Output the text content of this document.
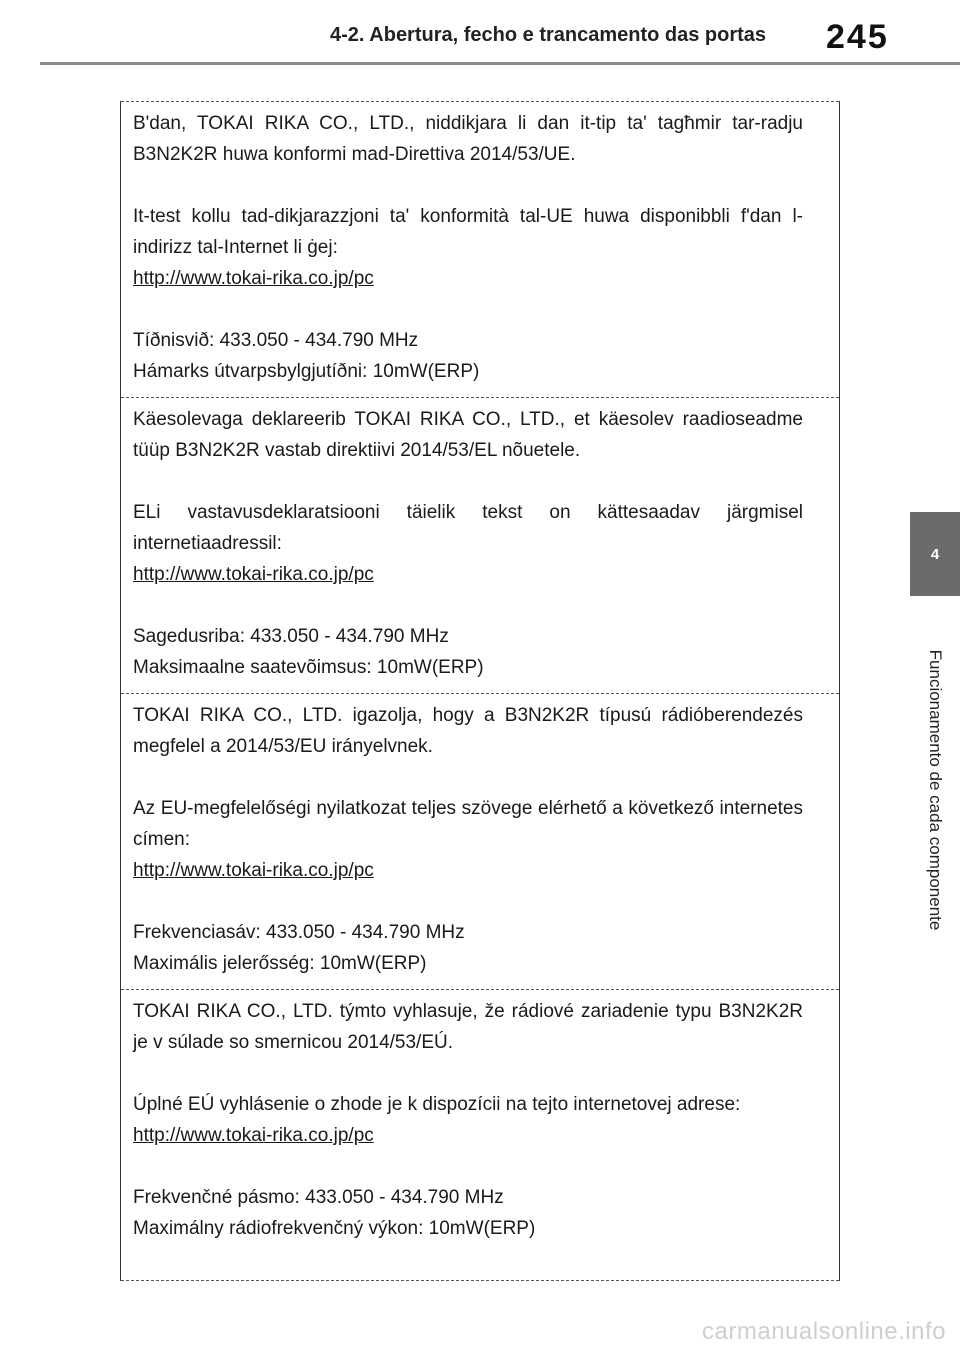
4-2. Abertura, fecho e trancamento das portas	245
4
Funcionamento de cada componente

B'dan, TOKAI RIKA CO., LTD., niddikjara li dan it-tip ta' tagħmir tar-radju B3N2K2R huwa konformi mad-Direttiva 2014/53/UE.

It-test kollu tad-dikjarazzjoni ta' konformità tal-UE huwa disponibbli f'dan l-indirizz tal-Internet li ġej:

http://www.tokai-rika.co.jp/pc

Tíðnisvið: 433.050 - 434.790 MHz

Hámarks útvarpsbylgjutíðni: 10mW(ERP)

Käesolevaga deklareerib TOKAI RIKA CO., LTD., et käesolev raadioseadme tüüp B3N2K2R vastab direktiivi 2014/53/EL nõuetele.

ELi vastavusdeklaratsiooni täielik tekst on kättesaadav järgmisel internetiaadressil:

http://www.tokai-rika.co.jp/pc

Sagedusriba: 433.050 - 434.790 MHz

Maksimaalne saatevõimsus: 10mW(ERP)

TOKAI RIKA CO., LTD. igazolja, hogy a B3N2K2R típusú rádióberendezés megfelel a 2014/53/EU irányelvnek.

Az EU-megfelelőségi nyilatkozat teljes szövege elérhető a következő internetes címen:

http://www.tokai-rika.co.jp/pc

Frekvenciasáv: 433.050 - 434.790 MHz

Maximális jelerősség: 10mW(ERP)

TOKAI RIKA CO., LTD. týmto vyhlasuje, že rádiové zariadenie typu B3N2K2R je v súlade so smernicou 2014/53/EÚ.

Úplné EÚ vyhlásenie o zhode je k dispozícii na tejto internetovej adrese:

http://www.tokai-rika.co.jp/pc

Frekvenčné pásmo: 433.050 - 434.790 MHz

Maximálny rádiofrekvenčný výkon: 10mW(ERP)

carmanualsonline.info
